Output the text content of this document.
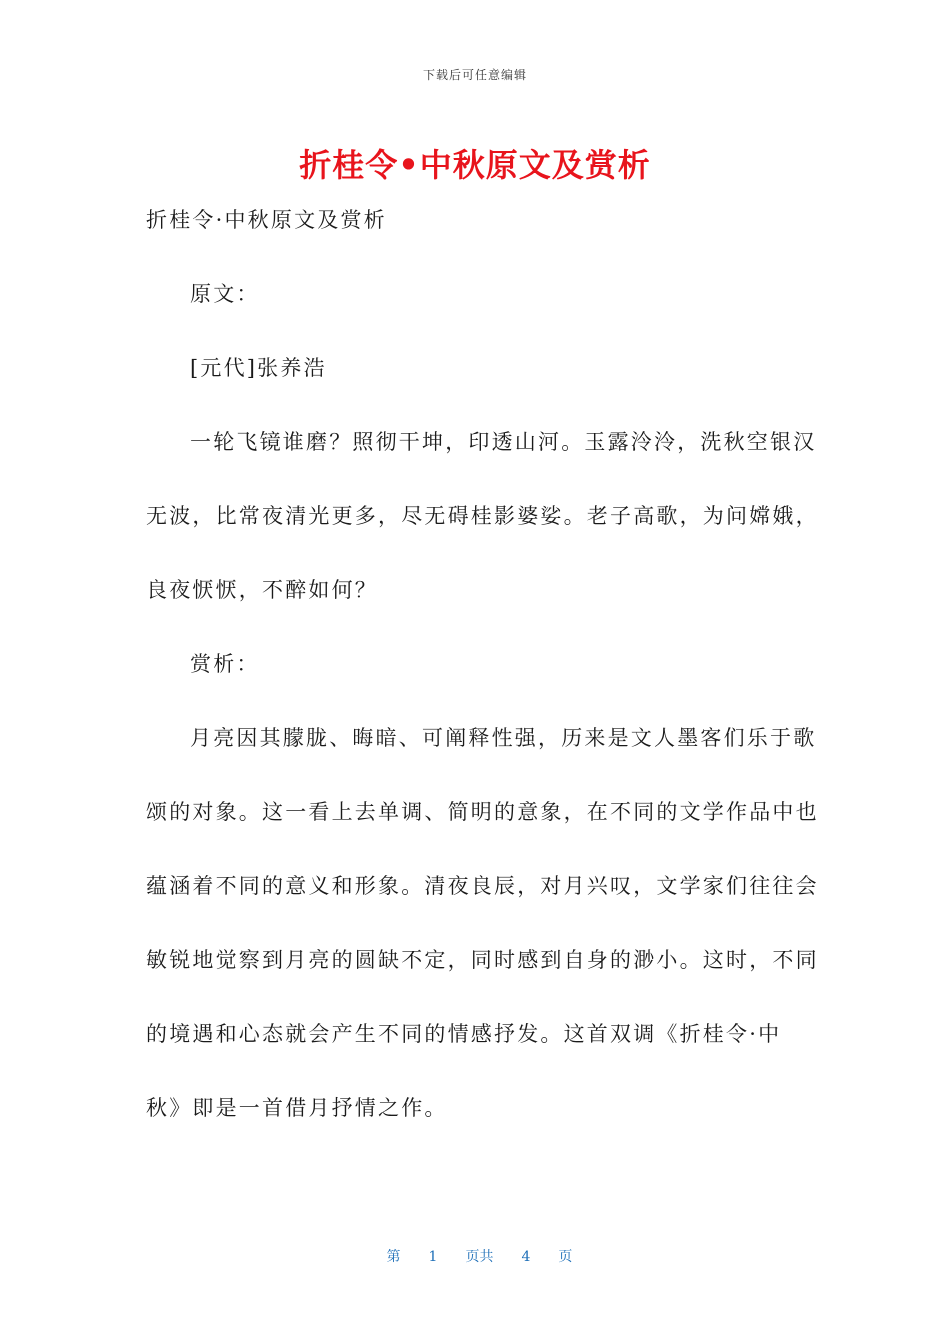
下载后可任意编辑
折桂令•中秋原文及赏析
折桂令·中秋原文及赏析
原文：
[元代]张养浩
一轮飞镜谁磨？照彻干坤，印透山河。玉露泠泠，洗秋空银汉
无波，比常夜清光更多，尽无碍桂影婆娑。老子高歌，为问嫦娥，
良夜恹恹，不醉如何？
赏析：
月亮因其朦胧、晦暗、可阐释性强，历来是文人墨客们乐于歌
颂的对象。这一看上去单调、简明的意象，在不同的文学作品中也
蕴涵着不同的意义和形象。清夜良辰，对月兴叹，文学家们往往会
敏锐地觉察到月亮的圆缺不定，同时感到自身的渺小。这时，不同
的境遇和心态就会产生不同的情感抒发。这首双调《折桂令·中
秋》即是一首借月抒情之作。

第 1 页共 4 页
